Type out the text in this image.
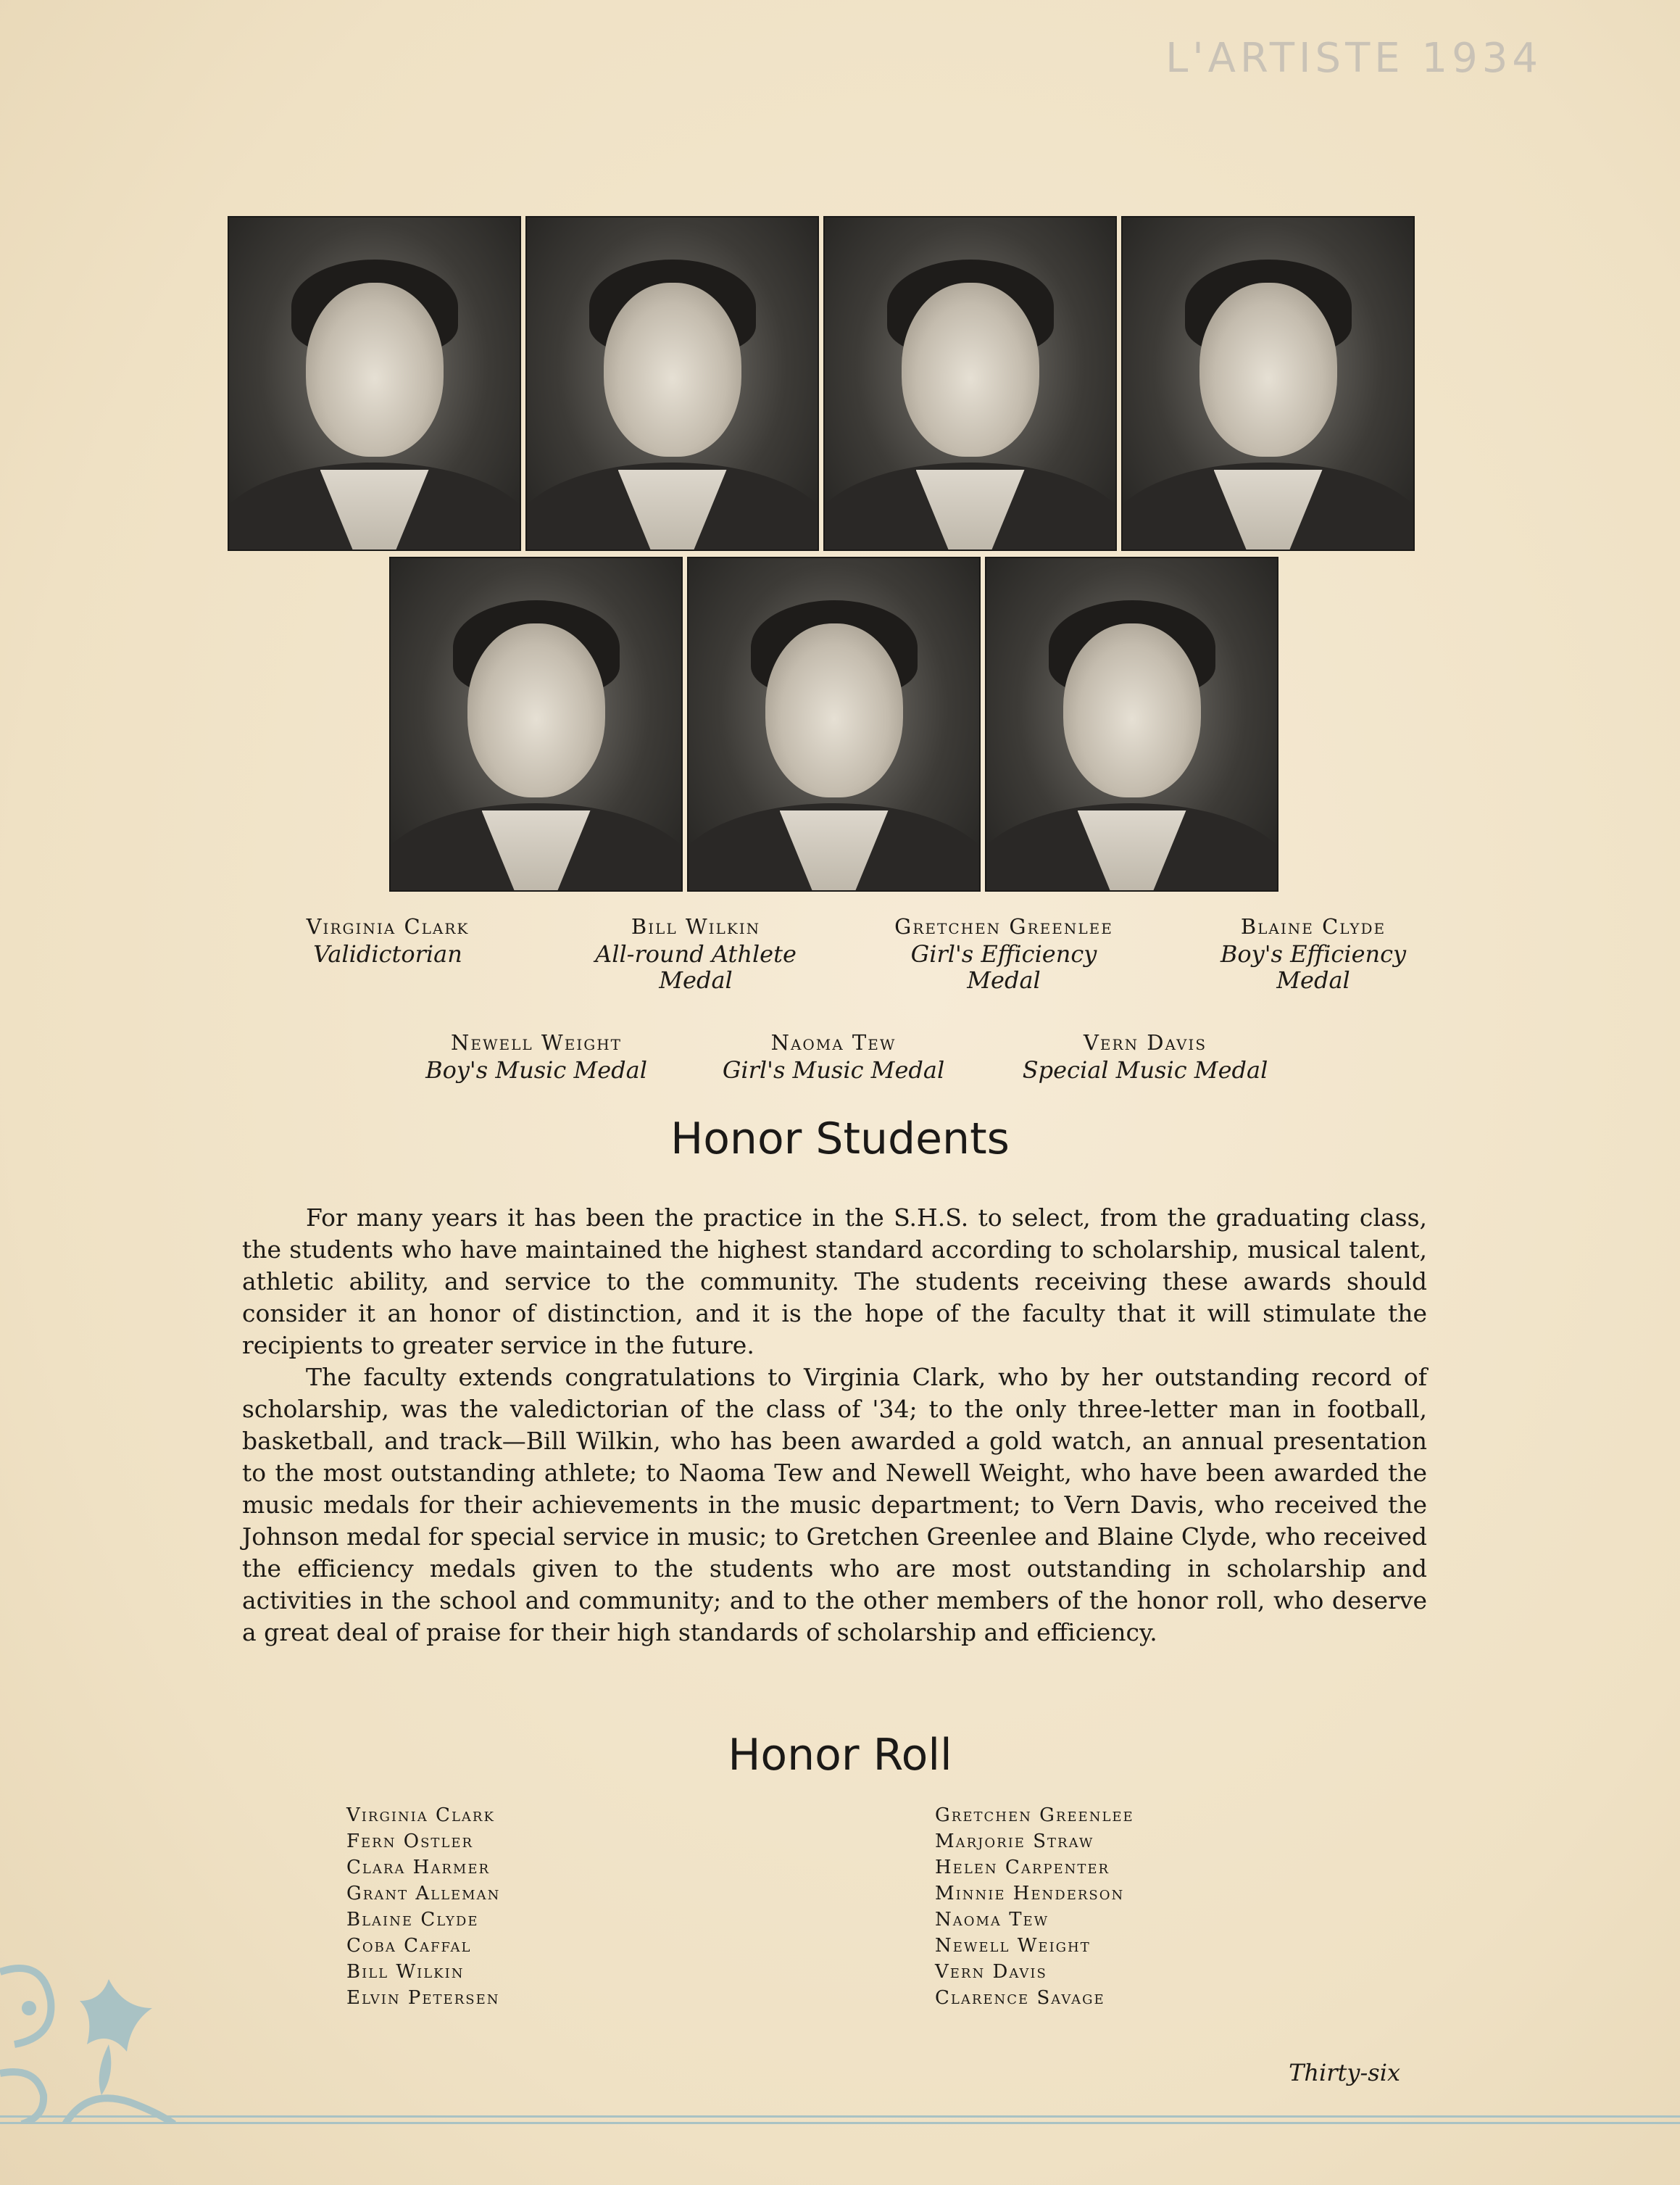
L'ARTISTE 1934
Virginia Clark
Validictorian
Bill Wilkin
All-round Athlete Medal
Gretchen Greenlee
Girl's Efficiency Medal
Blaine Clyde
Boy's Efficiency Medal
Newell Weight
Boy's Music Medal
Naoma Tew
Girl's Music Medal
Vern Davis
Special Music Medal
Honor Students

For many years it has been the practice in the S.H.S. to select, from the graduating class, the students who have maintained the highest standard according to scholarship, musical talent, athletic ability, and service to the community. The students receiving these awards should consider it an honor of distinction, and it is the hope of the faculty that it will stimulate the recipients to greater service in the future.

The faculty extends congratulations to Virginia Clark, who by her outstanding record of scholarship, was the valedictorian of the class of '34; to the only three-letter man in football, basketball, and track—Bill Wilkin, who has been awarded a gold watch, an annual presentation to the most outstanding athlete; to Naoma Tew and Newell Weight, who have been awarded the music medals for their achievements in the music department; to Vern Davis, who received the Johnson medal for special service in music; to Gretchen Greenlee and Blaine Clyde, who received the efficiency medals given to the students who are most outstanding in scholarship and activities in the school and community; and to the other members of the honor roll, who deserve a great deal of praise for their high standards of scholarship and efficiency.

Honor Roll
Virginia Clark
Fern Ostler
Clara Harmer
Grant Alleman
Blaine Clyde
Coba Caffal
Bill Wilkin
Elvin Petersen
Gretchen Greenlee
Marjorie Straw
Helen Carpenter
Minnie Henderson
Naoma Tew
Newell Weight
Vern Davis
Clarence Savage
Thirty-six
